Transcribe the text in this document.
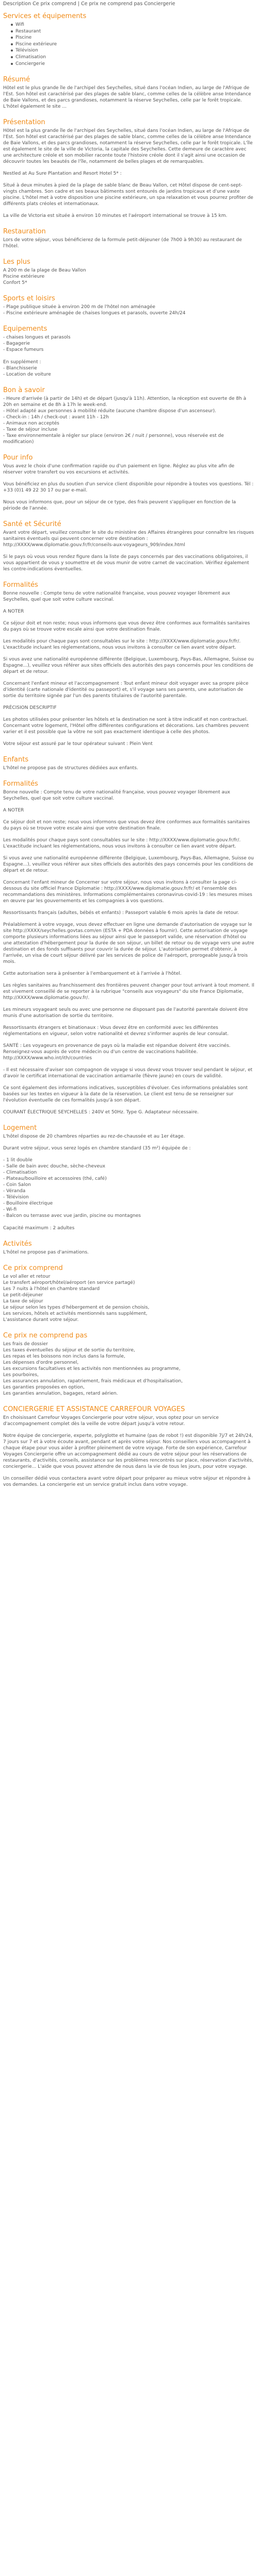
Description Ce prix comprend | Ce prix ne comprend pas Conciergerie
Services et équipements
Wifi
Restaurant
Piscine
Piscine extérieure
Télévision
Climatisation
Conciergerie
Résumé

Hôtel est le plus grande île de l'archipel des Seychelles, situé dans l'océan Indien, au large de l'Afrique de l'Est. Son hôtel est caractérisé par des plages de sable blanc, comme celles de la célèbre anse Intendance de Baie Vallons, et des parcs grandioses, notamment la réserve Seychelles, celle par le forêt tropicale. L'hôtel également le site ...

Présentation

Hôtel est la plus grande île de l'archipel des Seychelles, situé dans l'océan Indien, au large de l'Afrique de l'Est. Son hôtel est caractérisé par des plages de sable blanc, comme celles de la célèbre anse Intendance de Baie Vallons, et des parcs grandioses, notamment la réserve Seychelles, celle par le forêt tropicale. L'île est également le site de la ville de Victoria, la capitale des Seychelles. Cette demeure de caractère avec une architecture créole et son mobilier raconte toute l'histoire créole dont il s'agit ainsi une occasion de découvrir toutes les beautés de l'île, notamment de belles plages et de remarquables.

Nestled at Au Sure Plantation and Resort Hotel 5* :

Situé à deux minutes à pied de la plage de sable blanc de Beau Vallon, cet Hôtel dispose de cent-sept-vingts chambres. Son cadre et ses beaux bâtiments sont entourés de jardins tropicaux et d'une vaste piscine. L'hôtel met à votre disposition une piscine extérieure, un spa relaxation et vous pourrez profiter de différents plats créoles et internationaux.

La ville de Victoria est située à environ 10 minutes et l'aéroport international se trouve à 15 km.

Restauration

Lors de votre séjour, vous bénéficierez de la formule petit-déjeuner (de 7h00 à 9h30) au restaurant de l'hôtel.

Les plus
A 200 m de la plage de Beau Vallon
Piscine extérieure
Confort 5*
Sports et loisirs
- Plage publique située à environ 200 m de l'hôtel non aménagée
- Piscine extérieure aménagée de chaises longues et parasols, ouverte 24h/24
Equipements
- chaises longues et parasols
- Bagagerie
- Espace fumeurs

En supplément :
- Blanchisserie
- Location de voiture
Bon à savoir
- Heure d'arrivée (à partir de 14h) et de départ (jusqu'à 11h). Attention, la réception est ouverte de 8h à 20h en semaine et de 8h à 17h le week-end.
- Hôtel adapté aux personnes à mobilité réduite (aucune chambre dispose d'un ascenseur).
- Check-in : 14h / check-out : avant 11h - 12h
- Animaux non acceptés
- Taxe de séjour incluse
- Taxe environnementale à régler sur place (environ 2€ / nuit / personne), vous réservée est de modification)
Pour info

Vous avez le choix d'une confirmation rapide ou d'un paiement en ligne. Réglez au plus vite afin de réserver votre transfert ou vos excursions et activités.

Vous bénéficiez en plus du soutien d'un service client disponible pour répondre à toutes vos questions. Tél : +33 (0)1 49 22 30 17 ou par e-mail.

Nous vous informons que, pour un séjour de ce type, des frais peuvent s'appliquer en fonction de la période de l'année.

Santé et Sécurité

Avant votre départ, veuillez consulter le site du ministère des Affaires étrangères pour connaître les risques sanitaires éventuels qui peuvent concerner votre destination : http://XXXX/www.diplomatie.gouv.fr/fr/conseils-aux-voyageurs_909/index.html

Si le pays où vous vous rendez figure dans la liste de pays concernés par des vaccinations obligatoires, il vous appartient de vous y soumettre et de vous munir de votre carnet de vaccination. Vérifiez également les contre-indications éventuelles.

Formalités

Bonne nouvelle : Compte tenu de votre nationalité française, vous pouvez voyager librement aux Seychelles, quel que soit votre culture vaccinal.

A NOTER

Ce séjour doit et non reste; nous vous informons que vous devez être conformes aux formalités sanitaires du pays où se trouve votre escale ainsi que votre destination finale.

Les modalités pour chaque pays sont consultables sur le site : http://XXXX/www.diplomatie.gouv.fr/fr/. L'exactitude incluant les réglementations, nous vous invitons à consulter ce lien avant votre départ.

Si vous avez une nationalité européenne différente (Belgique, Luxembourg, Pays-Bas, Allemagne, Suisse ou Espagne...), veuillez vous référer aux sites officiels des autorités des pays concernés pour les conditions de départ et de retour.

Concernant l'enfant mineur et l'accompagnement : Tout enfant mineur doit voyager avec sa propre pièce d'identité (carte nationale d'identité ou passeport) et, s'il voyage sans ses parents, une autorisation de sortie du territoire signée par l'un des parents titulaires de l'autorité parentale.

PRÉCISION DESCRIPTIF

Les photos utilisées pour présenter les hôtels et la destination ne sont à titre indicatif et non contractuel. Concernant votre logement, l'Hôtel offre différentes configurations et décorations. Les chambres peuvent varier et il est possible que la vôtre ne soit pas exactement identique à celle des photos.

Votre séjour est assuré par le tour opérateur suivant : Plein Vent

Enfants

L'hôtel ne propose pas de structures dédiées aux enfants.

Formalités

Bonne nouvelle : Compte tenu de votre nationalité française, vous pouvez voyager librement aux Seychelles, quel que soit votre culture vaccinal.

A NOTER

Ce séjour doit et non reste; nous vous informons que vous devez être conformes aux formalités sanitaires du pays où se trouve votre escale ainsi que votre destination finale.

Les modalités pour chaque pays sont consultables sur le site : http://XXXX/www.diplomatie.gouv.fr/fr/. L'exactitude incluant les réglementations, nous vous invitons à consulter ce lien avant votre départ.

Si vous avez une nationalité européenne différente (Belgique, Luxembourg, Pays-Bas, Allemagne, Suisse ou Espagne...), veuillez vous référer aux sites officiels des autorités des pays concernés pour les conditions de départ et de retour.

Concernant l'enfant mineur de Concerner sur votre séjour, nous vous invitons à consulter la page ci-dessous du site officiel France Diplomatie : http://XXXX/www.diplomatie.gouv.fr/fr/ et l'ensemble des recommandations des ministères. Informations complémentaires coronavirus-covid-19 : les mesures mises en œuvre par les gouvernements et les compagnies à vos questions.

Ressortissants français (adultes, bébés et enfants) : Passeport valable 6 mois après la date de retour.

Préalablement à votre voyage, vous devez effectuer en ligne une demande d'autorisation de voyage sur le site http://XXXX/seychelles.govtas.com/en (ESTA + PDA données à fournir). Cette autorisation de voyage comporte plusieurs informations liées au séjour ainsi que le passeport valide, une réservation d'hôtel ou une attestation d'hébergement pour la durée de son séjour, un billet de retour ou de voyage vers une autre destination et des fonds suffisants pour couvrir la durée de séjour. L'autorisation permet d'obtenir, à l'arrivée, un visa de court séjour délivré par les services de police de l'aéroport, prorogeable jusqu'à trois mois.

Cette autorisation sera à présenter à l'embarquement et à l'arrivée à l'hôtel.

Les règles sanitaires au franchissement des frontières peuvent changer pour tout arrivant à tout moment. Il est vivement conseillé de se reporter à la rubrique "conseils aux voyageurs" du site France Diplomatie, http://XXXX/www.diplomatie.gouv.fr/.

Les mineurs voyageant seuls ou avec une personne ne disposant pas de l'autorité parentale doivent être munis d'une autorisation de sortie du territoire.

Ressortissants étrangers et binationaux : Vous devez être en conformité avec les différentes réglementations en vigueur, selon votre nationalité et devrez s'informer auprès de leur consulat.

SANTÉ : Les voyageurs en provenance de pays où la maladie est répandue doivent être vaccinés. Renseignez-vous auprès de votre médecin ou d'un centre de vaccinations habilitée. http://XXXX/www.who.int/ith/countries

- Il est nécessaire d'aviser son compagnon de voyage si vous devez vous trouver seul pendant le séjour, et d'avoir le certificat international de vaccination antiamarile (fièvre jaune) en cours de validité.

Ce sont également des informations indicatives, susceptibles d'évoluer. Ces informations préalables sont basées sur les textes en vigueur à la date de la réservation. Le client est tenu de se renseigner sur l'évolution éventuelle de ces formalités jusqu'à son départ.

COURANT ÉLECTRIQUE SEYCHELLES : 240V et 50Hz. Type G. Adaptateur nécessaire.

Logement

L'hôtel dispose de 20 chambres réparties au rez-de-chaussée et au 1er étage.

Durant votre séjour, vous serez logés en chambre standard (35 m²) équipée de :

- 1 lit double
- Salle de bain avec douche, sèche-cheveux
- Climatisation
- Plateau/bouilloire et accessoires (thé, café)
- Coin Salon
- Véranda
- Télévision
- Bouilloire électrique
- Wi-fi
- Balcon ou terrasse avec vue jardin, piscine ou montagnes

Capacité maximum : 2 adultes
Activités

L'hôtel ne propose pas d'animations.

Ce prix comprend
Le vol aller et retour
Le transfert aéroport/hôtel/aéroport (en service partagé)
Les 7 nuits à l'hôtel en chambre standard
Le petit-déjeuner
La taxe de séjour
Le séjour selon les types d'hébergement et de pension choisis,
Les services, hôtels et activités mentionnés sans supplément,
L'assistance durant votre séjour.
Ce prix ne comprend pas
Les frais de dossier
Les taxes éventuelles du séjour et de sortie du territoire,
Les repas et les boissons non inclus dans la formule,
Les dépenses d'ordre personnel,
Les excursions facultatives et les activités non mentionnées au programme,
Les pourboires,
Les assurances annulation, rapatriement, frais médicaux et d'hospitalisation,
Les garanties proposées en option,
Les garanties annulation, bagages, retard aérien.
CONCIERGERIE ET ASSISTANCE CARREFOUR VOYAGES

En choisissant Carrefour Voyages Conciergerie pour votre séjour, vous optez pour un service d'accompagnement complet dès la veille de votre départ jusqu'à votre retour.

Notre équipe de conciergerie, experte, polyglotte et humaine (pas de robot !) est disponible 7j/7 et 24h/24, 7 jours sur 7 et à votre écoute avant, pendant et après votre séjour. Nos conseillers vous accompagnent à chaque étape pour vous aider à profiter pleinement de votre voyage. Forte de son expérience, Carrefour Voyages Conciergerie offre un accompagnement dédié au cours de votre séjour pour les réservations de restaurants, d'activités, conseils, assistance sur les problèmes rencontrés sur place, réservation d'activités, conciergerie... L'aide que vous pouvez attendre de nous dans la vie de tous les jours, pour votre voyage.

Un conseiller dédié vous contactera avant votre départ pour préparer au mieux votre séjour et répondre à vos demandes. La conciergerie est un service gratuit inclus dans votre voyage.
